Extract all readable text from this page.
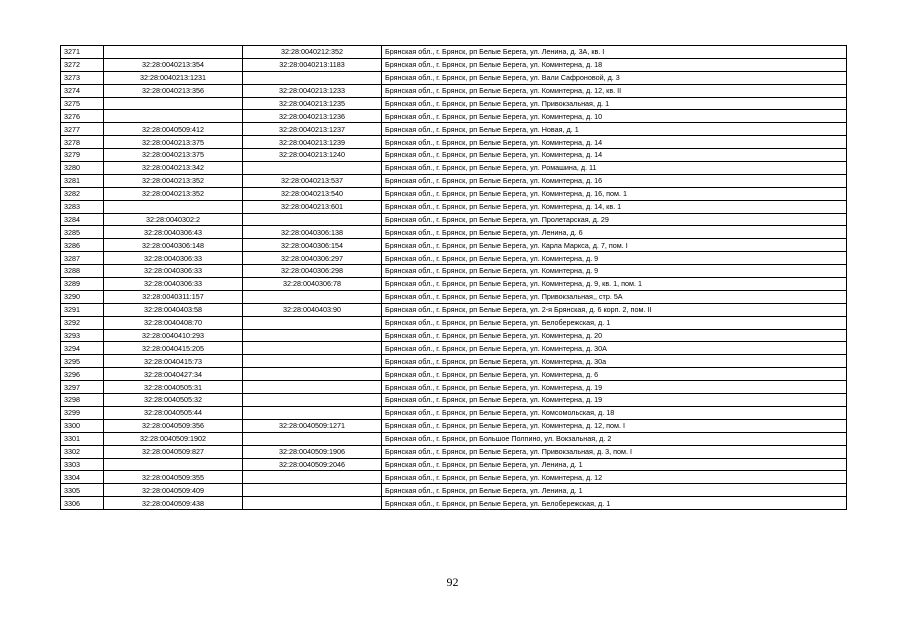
3271		32:28:0040212:352	Брянская обл., г. Брянск, рп Белые Берега, ул. Ленина, д. 3А, кв. I
3272	32:28:0040213:354	32:28:0040213:1183	Брянская обл., г. Брянск, рп Белые Берега, ул. Коминтерна, д. 18
3273	32:28:0040213:1231		Брянская обл., г. Брянск, рп Белые Берега, ул. Вали Сафроновой, д. 3
3274	32:28:0040213:356	32:28:0040213:1233	Брянская обл., г. Брянск, рп Белые Берега, ул. Коминтерна, д. 12, кв. II
3275		32:28:0040213:1235	Брянская обл., г. Брянск, рп Белые Берега, ул. Привокзальная, д. 1
3276		32:28:0040213:1236	Брянская обл., г. Брянск, рп Белые Берега, ул. Коминтерна, д. 10
3277	32:28:0040509:412	32:28:0040213:1237	Брянская обл., г. Брянск, рп Белые Берега, ул. Новая, д. 1
3278	32:28:0040213:375	32:28:0040213:1239	Брянская обл., г. Брянск, рп Белые Берега, ул. Коминтерна, д. 14
3279	32:28:0040213:375	32:28:0040213:1240	Брянская обл., г. Брянск, рп Белые Берега, ул. Коминтерна, д. 14
3280	32:28:0040213:342		Брянская обл., г. Брянск, рп Белые Берега, ул. Ромашина, д. 11
3281	32:28:0040213:352	32:28:0040213:537	Брянская обл., г. Брянск, рп Белые Берега, ул. Коминтерна, д. 16
3282	32:28:0040213:352	32:28:0040213:540	Брянская обл., г. Брянск, рп Белые Берега, ул. Коминтерна, д. 16, пом. 1
3283		32:28:0040213:601	Брянская обл., г. Брянск, рп Белые Берега, ул. Коминтерна, д. 14, кв. 1
3284	32:28:0040302:2		Брянская обл., г. Брянск, рп Белые Берега, ул. Пролетарская, д. 29
3285	32:28:0040306:43	32:28:0040306:138	Брянская обл., г. Брянск, рп Белые Берега, ул. Ленина, д. 6
3286	32:28:0040306:148	32:28:0040306:154	Брянская обл., г. Брянск, рп Белые Берега, ул. Карла Маркса, д. 7, пом. I
3287	32:28:0040306:33	32:28:0040306:297	Брянская обл., г. Брянск, рп Белые Берега, ул. Коминтерна, д. 9
3288	32:28:0040306:33	32:28:0040306:298	Брянская обл., г. Брянск, рп Белые Берега, ул. Коминтерна, д. 9
3289	32:28:0040306:33	32:28:0040306:78	Брянская обл., г. Брянск, рп Белые Берега, ул. Коминтерна, д. 9, кв. 1, пом. 1
3290	32:28:0040311:157		Брянская обл., г. Брянск, рп Белые Берега, ул. Привокзальная,, стр. 5А
3291	32:28:0040403:58	32:28:0040403:90	Брянская обл., г. Брянск, рп Белые Берега, ул. 2-я Брянская, д. 6 корп. 2, пом. II
3292	32:28:0040408:70		Брянская обл., г. Брянск, рп Белые Берега, ул. Белобережская, д. 1
3293	32:28:0040410:293		Брянская обл., г. Брянск, рп Белые Берега, ул. Коминтерна, д. 20
3294	32:28:0040415:205		Брянская обл., г. Брянск, рп Белые Берега, ул. Коминтерна, д. 30А
3295	32:28:0040415:73		Брянская обл., г. Брянск, рп Белые Берега, ул. Коминтерна, д. 30а
3296	32:28:0040427:34		Брянская обл., г. Брянск, рп Белые Берега, ул. Коминтерна, д. 6
3297	32:28:0040505:31		Брянская обл., г. Брянск, рп Белые Берега, ул. Коминтерна, д. 19
3298	32:28:0040505:32		Брянская обл., г. Брянск, рп Белые Берега, ул. Коминтерна, д. 19
3299	32:28:0040505:44		Брянская обл., г. Брянск, рп Белые Берега, ул. Комсомольская, д. 18
3300	32:28:0040509:356	32:28:0040509:1271	Брянская обл., г. Брянск, рп Белые Берега, ул. Коминтерна, д. 12, пом. I
3301	32:28:0040509:1902		Брянская обл., г. Брянск, рп Большое Полпино, ул. Вокзальная, д. 2
3302	32:28:0040509:827	32:28:0040509:1906	Брянская обл., г. Брянск, рп Белые Берега, ул. Привокзальная, д. 3, пом. I
3303		32:28:0040509:2046	Брянская обл., г. Брянск, рп Белые Берега, ул. Ленина, д. 1
3304	32:28:0040509:355		Брянская обл., г. Брянск, рп Белые Берега, ул. Коминтерна, д. 12
3305	32:28:0040509:409		Брянская обл., г. Брянск, рп Белые Берега, ул. Ленина, д. 1
3306	32:28:0040509:438		Брянская обл., г. Брянск, рп Белые Берега, ул. Белобережская, д. 1
92
